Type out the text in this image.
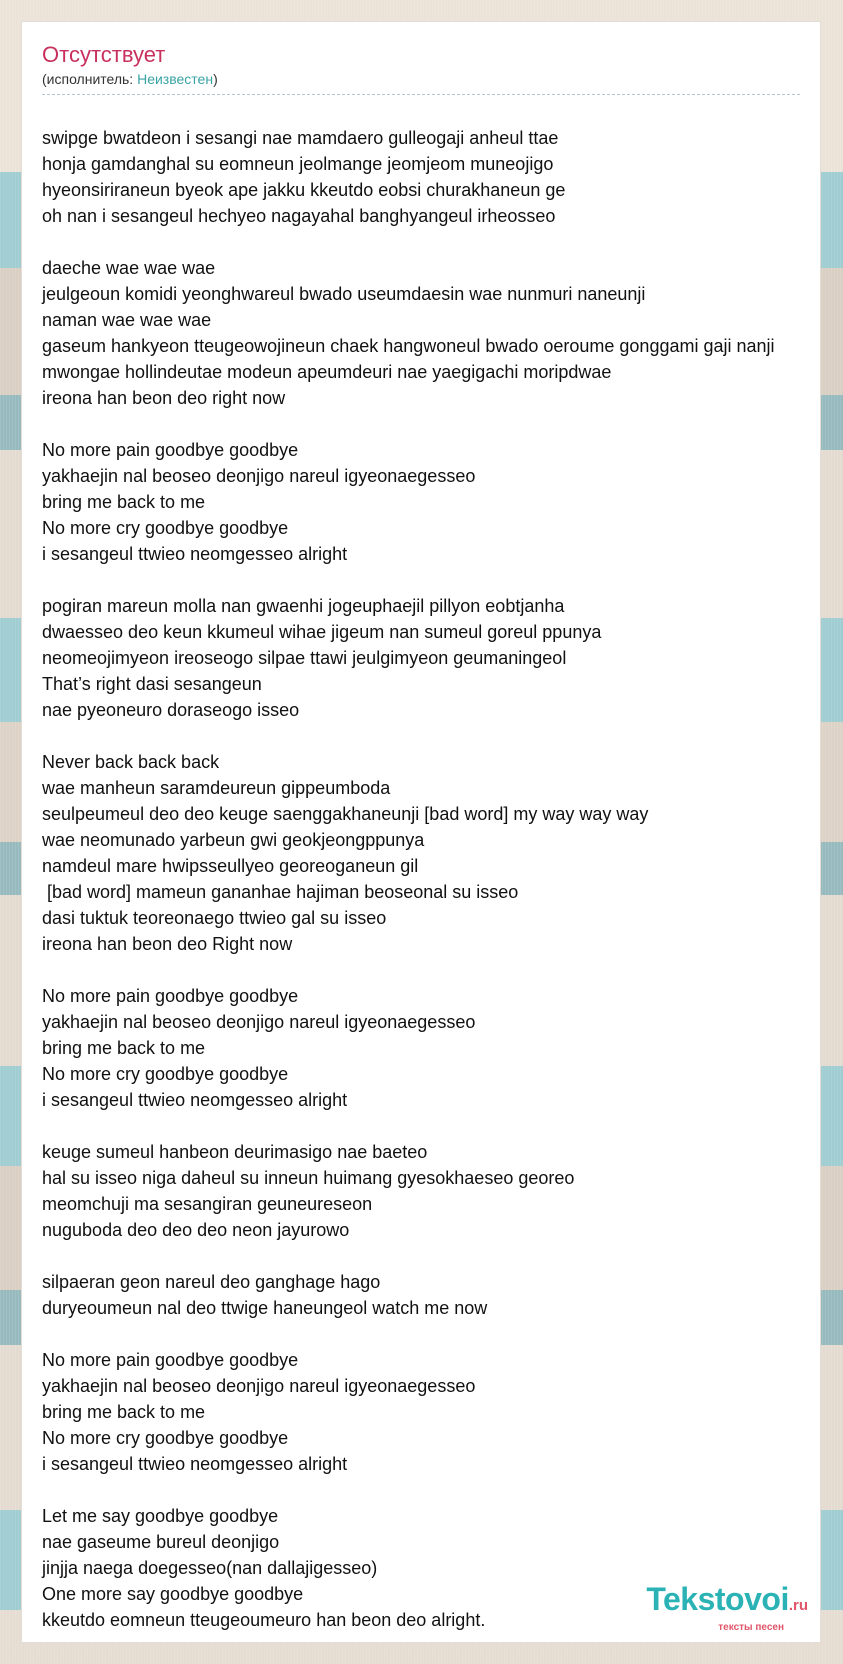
Отсутствует
(исполнитель: Неизвестен)
swipge bwatdeon i sesangi nae mamdaero gulleogaji anheul ttae
honja gamdanghal su eomneun jeolmange jeomjeom muneojigo
hyeonsiriraneun byeok ape jakku kkeutdo eobsi churakhaneun ge
oh nan i sesangeul hechyeo nagayahal banghyangeul irheosseo
daeche wae wae wae
jeulgeoun komidi yeonghwareul bwado useumdaesin wae nunmuri naneunji
naman wae wae wae
gaseum hankyeon tteugeowojineun chaek hangwoneul bwado oeroume gonggami gaji nanji
mwongae hollindeutae modeun apeumdeuri nae yaegigachi moripdwae
ireona han beon deo right now
No more pain goodbye goodbye
yakhaejin nal beoseo deonjigo nareul igyeonaegesseo
bring me back to me
No more cry goodbye goodbye
i sesangeul ttwieo neomgesseo alright
pogiran mareun molla nan gwaenhi jogeuphaejil pillyon eobtjanha
dwaesseo deo keun kkumeul wihae jigeum nan sumeul goreul ppunya
neomeojimyeon ireoseogo silpae ttawi jeulgimyeon geumaningeol
That’s right dasi sesangeun
nae pyeoneuro doraseogo isseo
Never back back back
wae manheun saramdeureun gippeumboda
seulpeumeul deo deo keuge saenggakhaneunji [bad word] my way way way
wae neomunado yarbeun gwi geokjeongppunya
namdeul mare hwipsseullyeo georeoganeun gil
[bad word] mameun gananhae hajiman beoseonal su isseo
dasi tuktuk teoreonaego ttwieo gal su isseo
ireona han beon deo Right now
No more pain goodbye goodbye
yakhaejin nal beoseo deonjigo nareul igyeonaegesseo
bring me back to me
No more cry goodbye goodbye
i sesangeul ttwieo neomgesseo alright
keuge sumeul hanbeon deurimasigo nae baeteo
hal su isseo niga daheul su inneun huimang gyesokhaeseo georeo
meomchuji ma sesangiran geuneureseon
nuguboda deo deo deo neon jayurowo
silpaeran geon nareul deo ganghage hago
duryeoumeun nal deo ttwige haneungeol watch me now
No more pain goodbye goodbye
yakhaejin nal beoseo deonjigo nareul igyeonaegesseo
bring me back to me
No more cry goodbye goodbye
i sesangeul ttwieo neomgesseo alright
Let me say goodbye goodbye
nae gaseume bureul deonjigo
jinjja naega doegesseo(nan dallajigesseo)
One more say goodbye goodbye
kkeutdo eomneun tteugeoumeuro han beon deo alright.
Tekstovoi.ru
тексты песен
